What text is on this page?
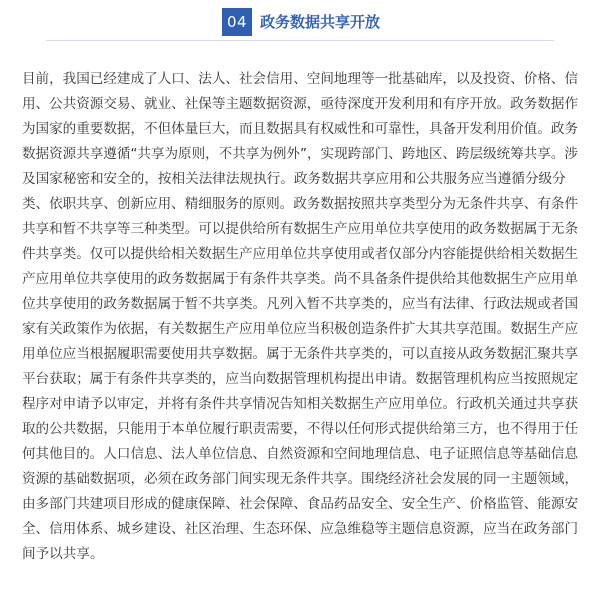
04 政务数据共享开放
目前，我国已经建成了人口、法人、社会信用、空间地理等一批基础库，以及投资、价格、信
用、公共资源交易、就业、社保等主题数据资源，亟待深度开发利用和有序开放。政务数据作
为国家的重要数据，不但体量巨大，而且数据具有权威性和可靠性，具备开发利用价值。政务
数据资源共享遵循“共享为原则，不共享为例外”，实现跨部门、跨地区、跨层级统筹共享。涉
及国家秘密和安全的，按相关法律法规执行。政务数据共享应用和公共服务应当遵循分级分
类、依职共享、创新应用、精细服务的原则。政务数据按照共享类型分为无条件共享、有条件
共享和暂不共享等三种类型。可以提供给所有数据生产应用单位共享使用的政务数据属于无条
件共享类。仅可以提供给相关数据生产应用单位共享使用或者仅部分内容能提供给相关数据生
产应用单位共享使用的政务数据属于有条件共享类。尚不具备条件提供给其他数据生产应用单
位共享使用的政务数据属于暂不共享类。凡列入暂不共享类的，应当有法律、行政法规或者国
家有关政策作为依据，有关数据生产应用单位应当积极创造条件扩大其共享范围。数据生产应
用单位应当根据履职需要使用共享数据。属于无条件共享类的，可以直接从政务数据汇聚共享
平台获取；属于有条件共享类的，应当向数据管理机构提出申请。数据管理机构应当按照规定
程序对申请予以审定，并将有条件共享情况告知相关数据生产应用单位。行政机关通过共享获
取的公共数据，只能用于本单位履行职责需要，不得以任何形式提供给第三方，也不得用于任
何其他目的。人口信息、法人单位信息、自然资源和空间地理信息、电子证照信息等基础信息
资源的基础数据项，必须在政务部门间实现无条件共享。围绕经济社会发展的同一主题领域，
由多部门共建项目形成的健康保障、社会保障、食品药品安全、安全生产、价格监管、能源安
全、信用体系、城乡建设、社区治理、生态环保、应急维稳等主题信息资源，应当在政务部门
间予以共享。
